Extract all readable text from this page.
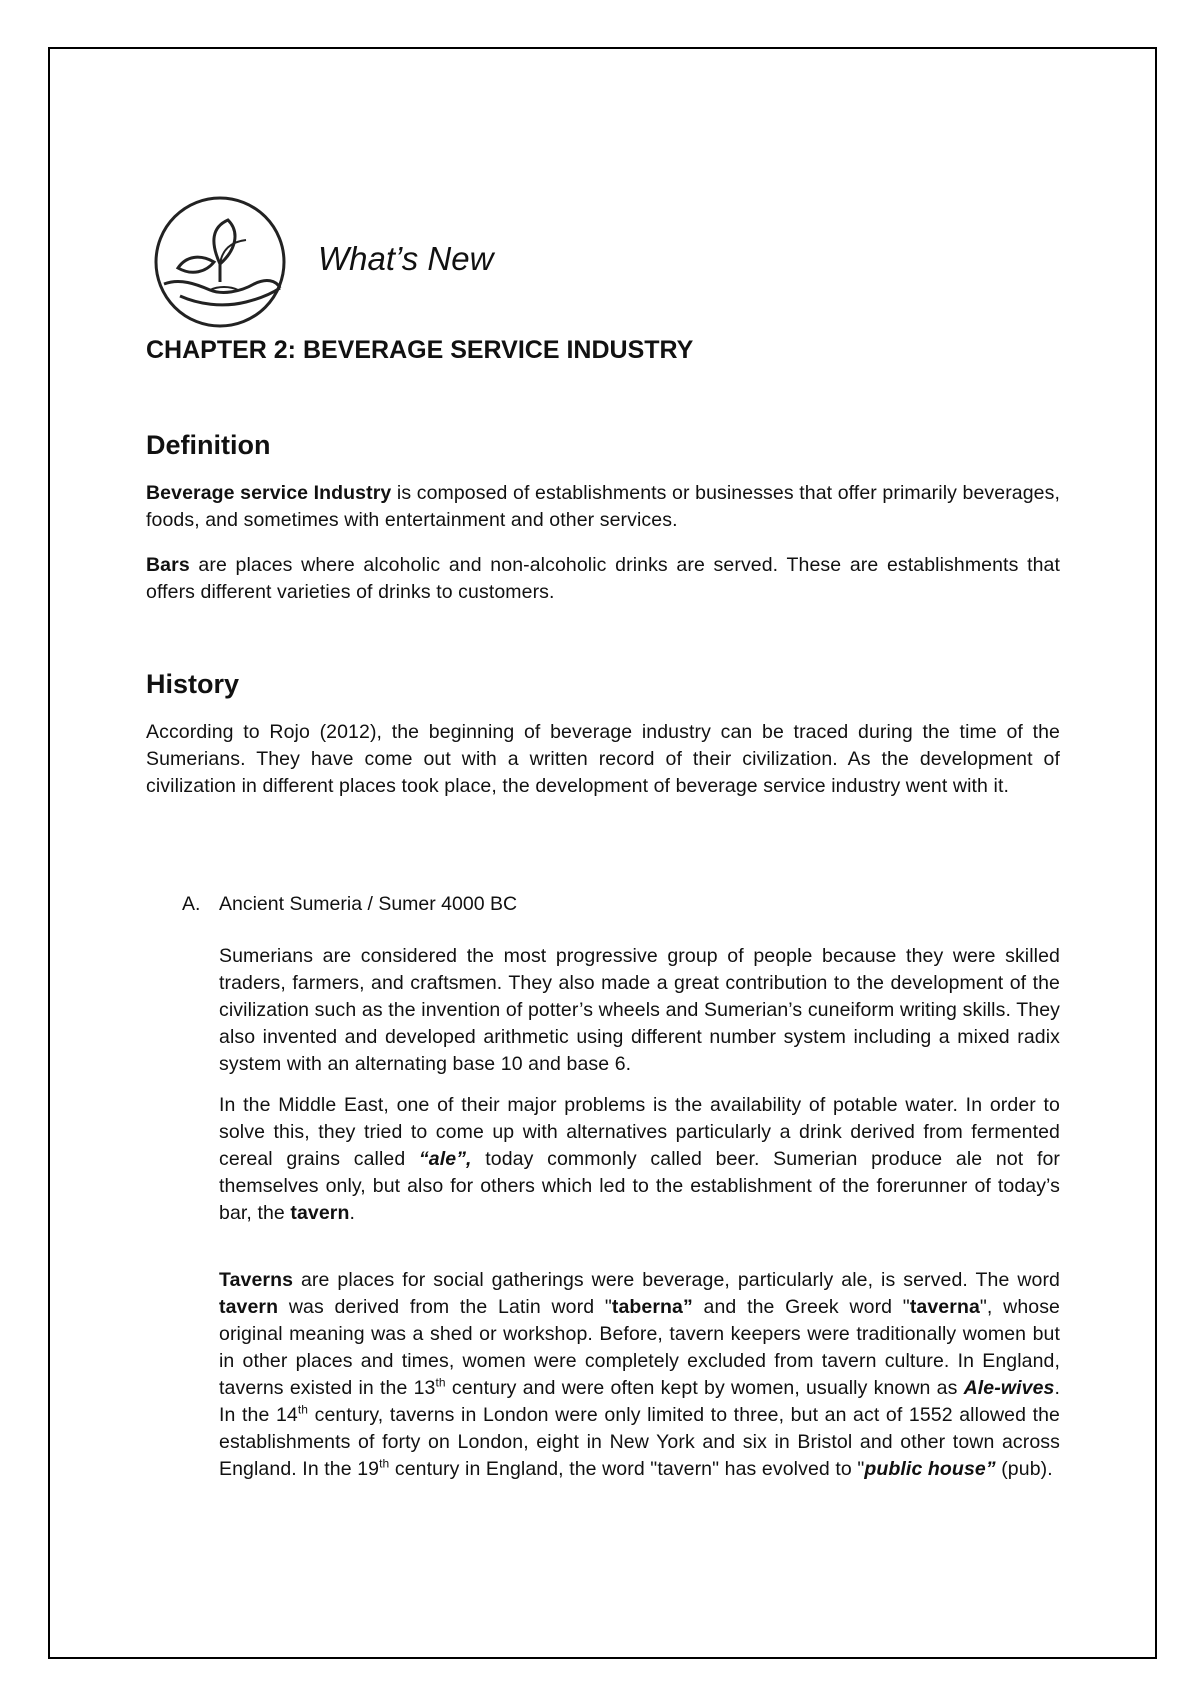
What’s New
CHAPTER 2: BEVERAGE SERVICE INDUSTRY
Definition

Beverage service Industry is composed of establishments or businesses that offer primarily beverages, foods, and sometimes with entertainment and other services.

Bars are places where alcoholic and non-alcoholic drinks are served. These are establishments that offers different varieties of drinks to customers.

History

According to Rojo (2012), the beginning of beverage industry can be traced during the time of the Sumerians. They have come out with a written record of their civilization. As the development of civilization in different places took place, the development of beverage service industry went with it.

A. Ancient Sumeria / Sumer 4000 BC

Sumerians are considered the most progressive group of people because they were skilled traders, farmers, and craftsmen. They also made a great contribution to the development of the civilization such as the invention of potter’s wheels and Sumerian’s cuneiform writing skills. They also invented and developed arithmetic using different number system including a mixed radix system with an alternating base 10 and base 6.

In the Middle East, one of their major problems is the availability of potable water. In order to solve this, they tried to come up with alternatives particularly a drink derived from fermented cereal grains called “ale”, today commonly called beer. Sumerian produce ale not for themselves only, but also for others which led to the establishment of the forerunner of today’s bar, the tavern.

Taverns are places for social gatherings were beverage, particularly ale, is served. The word tavern was derived from the Latin word "taberna” and the Greek word "taverna", whose original meaning was a shed or workshop. Before, tavern keepers were traditionally women but in other places and times, women were completely excluded from tavern culture. In England, taverns existed in the 13th century and were often kept by women, usually known as Ale-wives. In the 14th century, taverns in London were only limited to three, but an act of 1552 allowed the establishments of forty on London, eight in New York and six in Bristol and other town across England. In the 19th century in England, the word "tavern" has evolved to "public house” (pub).
